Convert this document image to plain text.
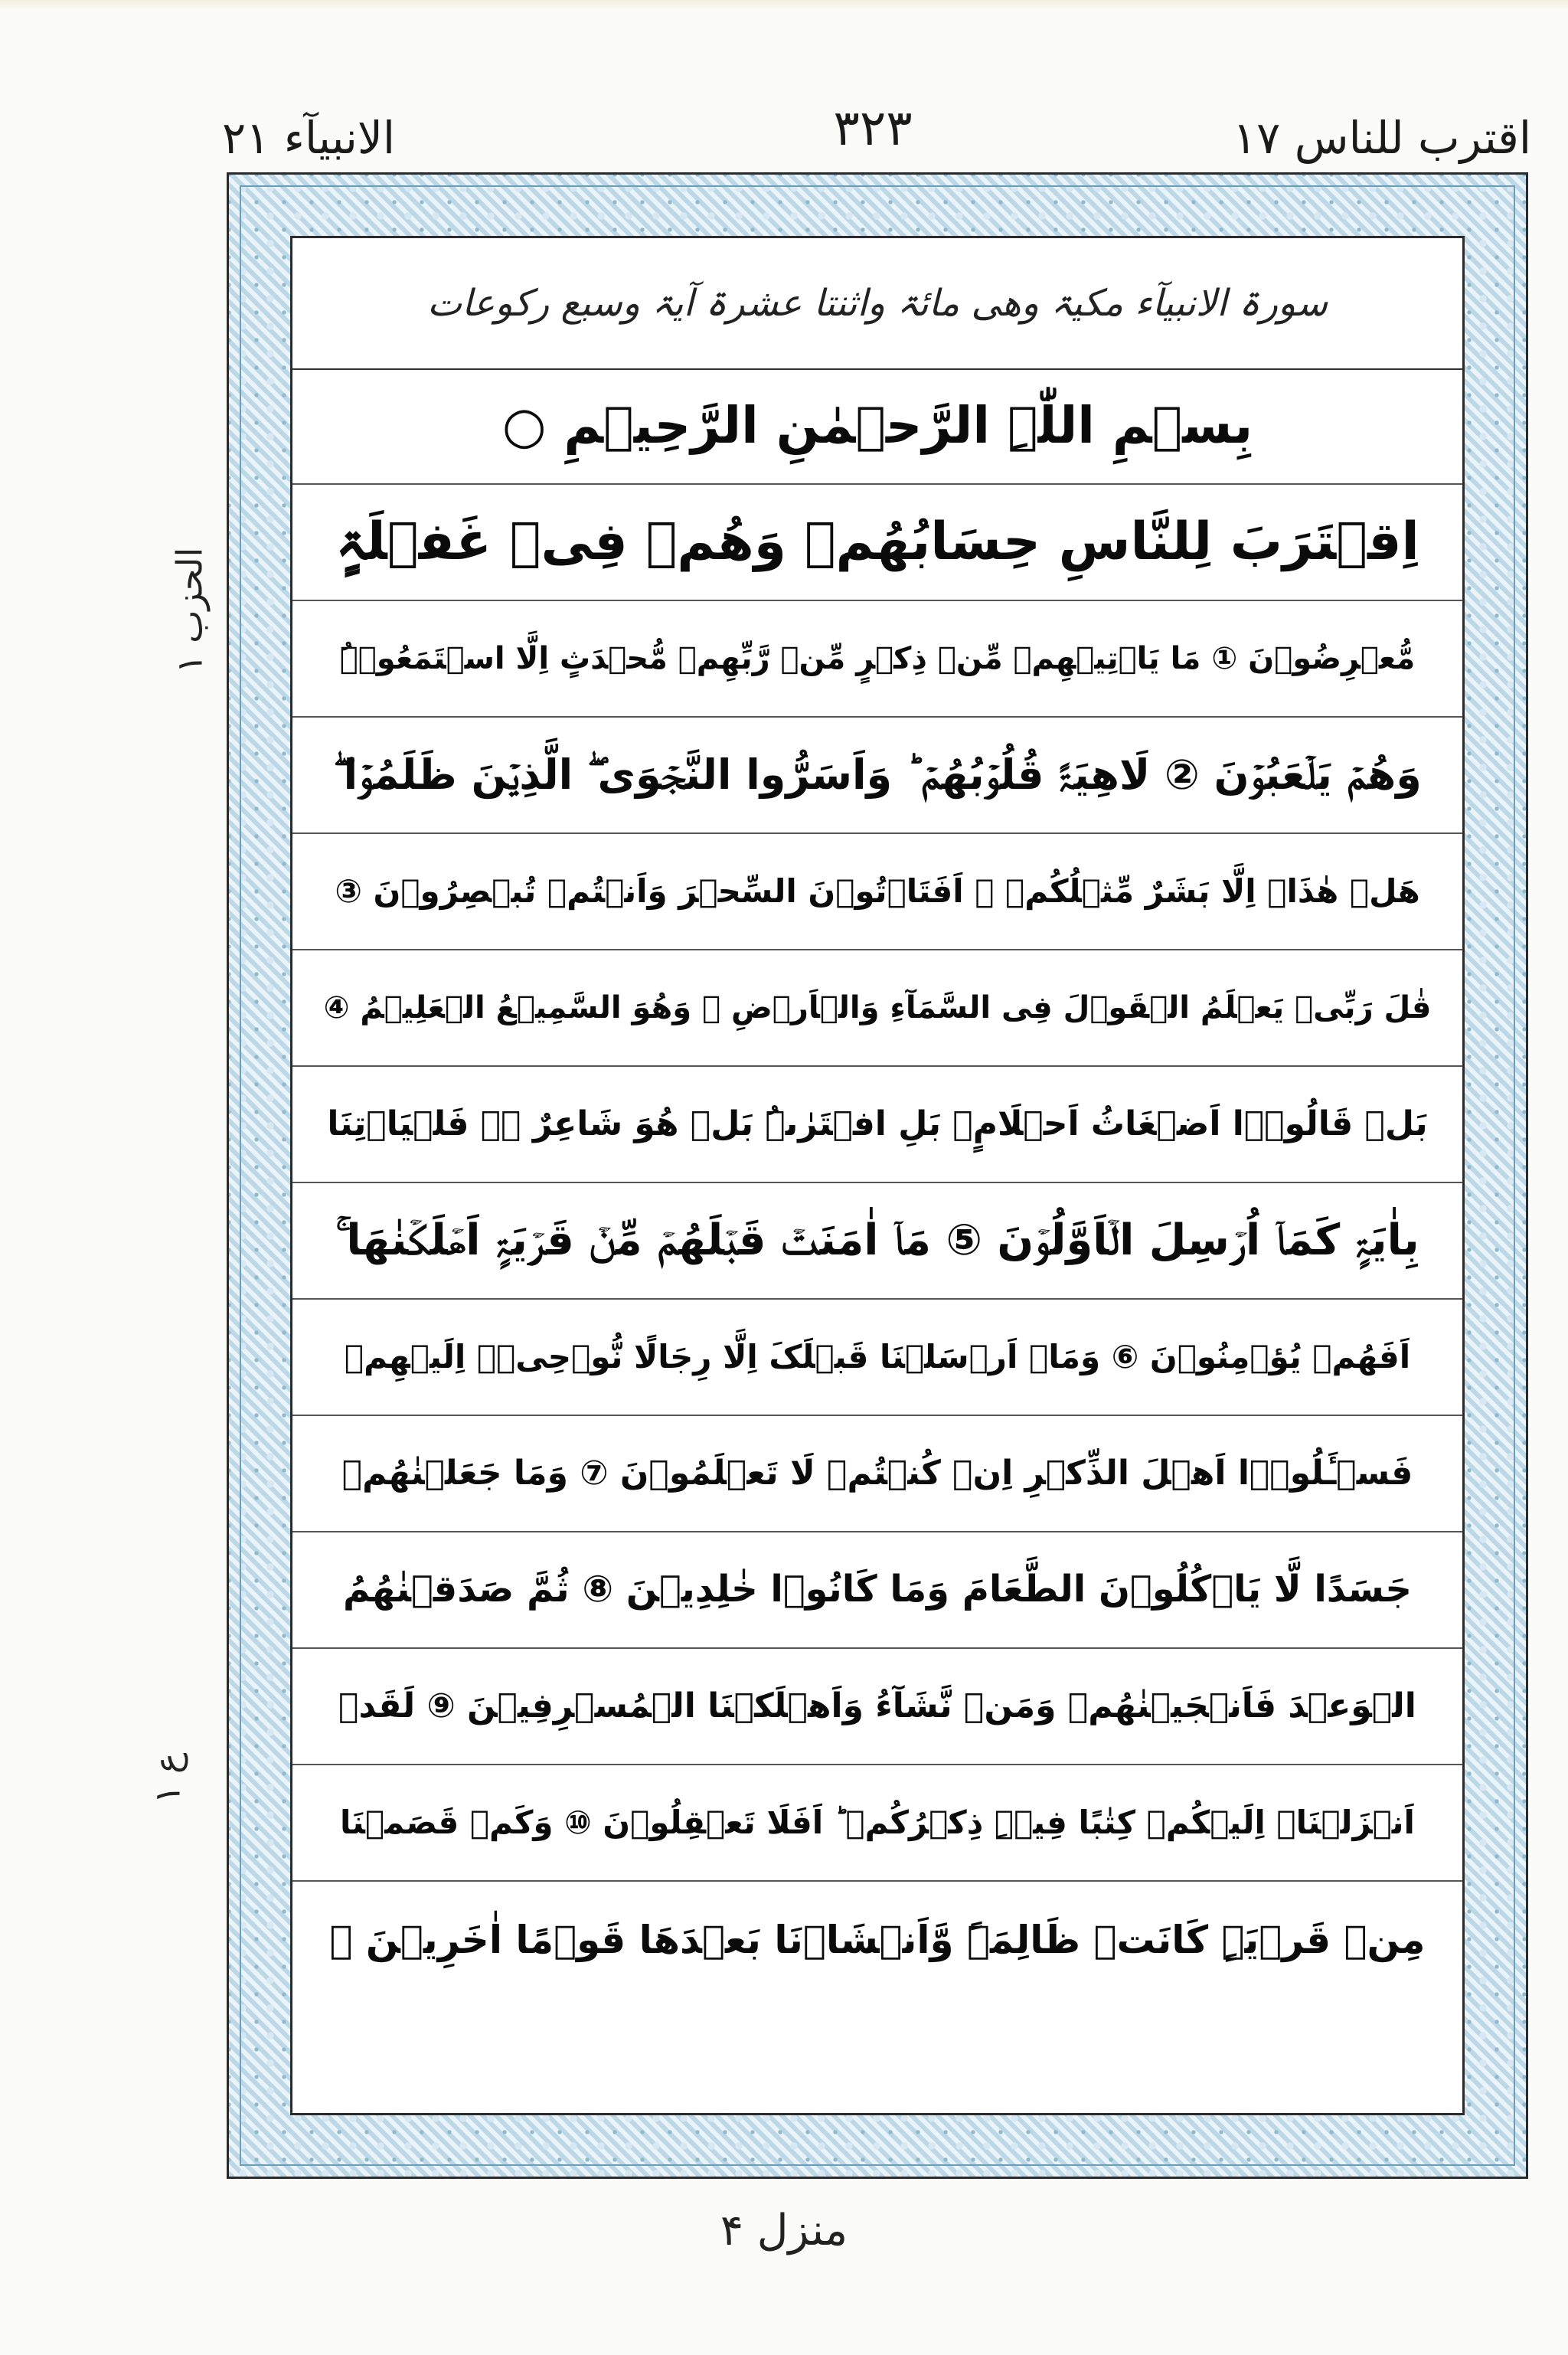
اقترب للناس ١٧
٣٢٣
الانبیآء ٢١
الحزب ١
ع ١
سورۃ الانبیآء مکیۃ وھی مائۃ واثنتا عشرۃ آیۃ وسبع رکوعات
بِسۡمِ اللّٰہِ الرَّحۡمٰنِ الرَّحِیۡمِ ○
اِقۡتَرَبَ لِلنَّاسِ حِسَابُھُمۡ وَھُمۡ فِیۡ غَفۡلَۃٍ
مُّعۡرِضُوۡنَ ① مَا یَاۡتِیۡھِمۡ مِّنۡ ذِکۡرٍ مِّنۡ رَّبِّھِمۡ مُّحۡدَثٍ اِلَّا اسۡتَمَعُوۡہُ
وَھُمۡ یَلۡعَبُوۡنَ ② لَاھِیَۃً قُلُوۡبُھُمۡ ؕ وَاَسَرُّوا النَّجۡوَی ۖ الَّذِیۡنَ ظَلَمُوۡا ۖ
ھَلۡ ھٰذَاۤ اِلَّا بَشَرٌ مِّثۡلُکُمۡ ۚ اَفَتَاۡتُوۡنَ السِّحۡرَ وَاَنۡتُمۡ تُبۡصِرُوۡنَ ③
قٰلَ رَبِّیۡ یَعۡلَمُ الۡقَوۡلَ فِی السَّمَآءِ وَالۡاَرۡضِ ۫ وَھُوَ السَّمِیۡعُ الۡعَلِیۡمُ ④
بَلۡ قَالُوۡۤا اَضۡغَاثُ اَحۡلَامٍۭ بَلِ افۡتَرٰىہُ بَلۡ ھُوَ شَاعِرٌ ۚۖ فَلۡیَاۡتِنَا
بِاٰیَۃٍ کَمَاۤ اُرۡسِلَ الۡاَوَّلُوۡنَ ⑤ مَاۤ اٰمَنَتۡ قَبۡلَھُمۡ مِّنۡ قَرۡیَۃٍ اَھۡلَکۡنٰھَا ۚ
اَفَھُمۡ یُؤۡمِنُوۡنَ ⑥ وَمَاۤ اَرۡسَلۡنَا قَبۡلَکَ اِلَّا رِجَالًا نُّوۡحِیۡۤ اِلَیۡھِمۡ
فَسۡـَٔلُوۡۤا اَھۡلَ الذِّکۡرِ اِنۡ کُنۡتُمۡ لَا تَعۡلَمُوۡنَ ⑦ وَمَا جَعَلۡنٰھُمۡ
جَسَدًا لَّا یَاۡکُلُوۡنَ الطَّعَامَ وَمَا کَانُوۡا خٰلِدِیۡنَ ⑧ ثُمَّ صَدَقۡنٰھُمُ
الۡوَعۡدَ فَاَنۡجَیۡنٰھُمۡ وَمَنۡ نَّشَآءُ وَاَھۡلَکۡنَا الۡمُسۡرِفِیۡنَ ⑨ لَقَدۡ
اَنۡزَلۡنَاۤ اِلَیۡکُمۡ کِتٰبًا فِیۡہِ ذِکۡرُکُمۡ ؕ اَفَلَا تَعۡقِلُوۡنَ ⑩ وَکَمۡ قَصَمۡنَا
مِنۡ قَرۡیَۃٍ کَانَتۡ ظَالِمَۃً وَّاَنۡشَاۡنَا بَعۡدَھَا قَوۡمًا اٰخَرِیۡنَ ⑪
منزل ۴
